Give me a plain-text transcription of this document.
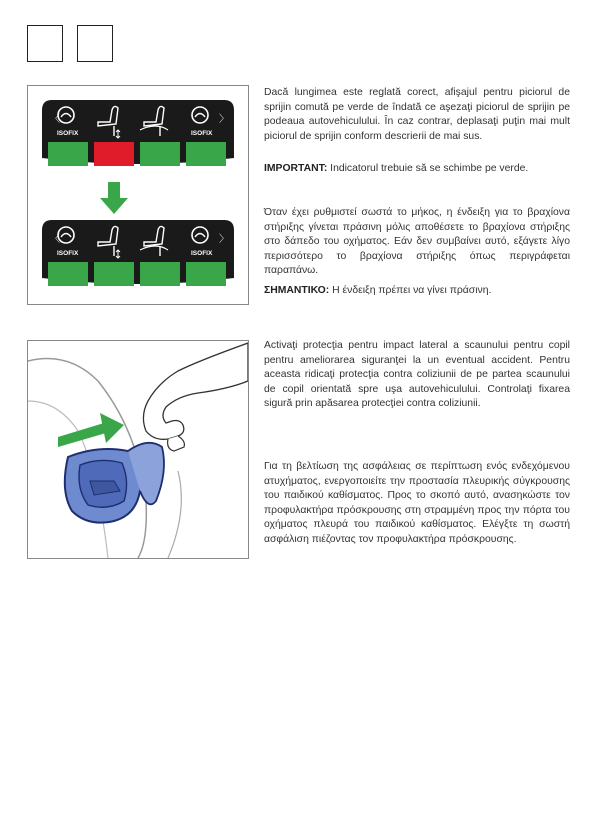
〈	〉
ISOFIX	ISOFIX
〈	〉
ISOFIX	ISOFIX

Dacă lungimea este reglată corect, afişajul pentru piciorul de sprijin comută pe verde de îndată ce aşezaţi piciorul de sprijin pe podeaua autovehiculului. În caz contrar, deplasaţi puţin mai mult piciorul de sprijin conform descrierii de mai sus.

IMPORTANT: Indicatorul trebuie să se schimbe pe verde.

Όταν έχει ρυθμιστεί σωστά το μήκος, η ένδειξη για το βραχίονα στήριξης γίνεται πράσινη μόλις αποθέσετε το βραχίονα στήριξης στο δάπεδο του οχήματος. Εάν δεν συμβαίνει αυτό, εξάγετε λίγο περισσότερο το βραχίονα στήριξης όπως περιγράφεται παραπάνω.

ΣΗΜΑΝΤΙΚΟ: Η ένδειξη πρέπει να γίνει πράσινη.

Activaţi protecţia pentru impact lateral a scaunului pentru copil pentru ameliorarea siguranţei la un eventual accident. Pentru aceasta ridicaţi protecţia contra coliziunii de pe partea scaunului de copil orientată spre uşa autovehiculului. Controlaţi fixarea sigură prin apăsarea protecţiei contra coliziunii.

Για τη βελτίωση της ασφάλειας σε περίπτωση ενός ενδεχόμενου ατυχήματος, ενεργοποιείτε την προστασία πλευρικής σύγκρουσης του παιδικού καθίσματος. Προς το σκοπό αυτό, ανασηκώστε τον προφυλακτήρα πρόσκρουσης στη στραμμένη προς την πόρτα του οχήματος πλευρά του παιδικού καθίσματος. Ελέγξτε τη σωστή ασφάλιση πιέζοντας τον προφυλακτήρα πρόσκρουσης.
